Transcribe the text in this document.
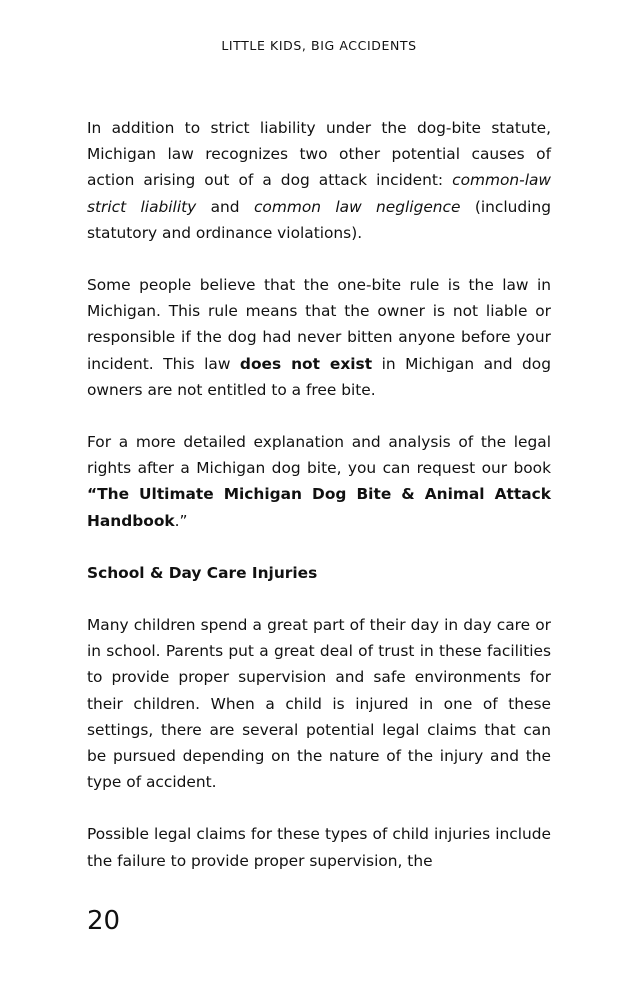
LITTLE KIDS, BIG ACCIDENTS

In addition to strict liability under the dog-bite statute, Michigan law recognizes two other potential causes of action arising out of a dog attack incident: common-law strict liability and common law negligence (including statutory and ordinance violations).

Some people believe that the one-bite rule is the law in Michigan. This rule means that the owner is not liable or responsible if the dog had never bitten anyone before your incident. This law does not exist in Michigan and dog owners are not entitled to a free bite.

For a more detailed explanation and analysis of the legal rights after a Michigan dog bite, you can request our book “The Ultimate Michigan Dog Bite & Animal Attack Handbook.”

School & Day Care Injuries

Many children spend a great part of their day in day care or in school. Parents put a great deal of trust in these facilities to provide proper supervision and safe environments for their children. When a child is injured in one of these settings, there are several potential legal claims that can be pursued depending on the nature of the injury and the type of accident.

Possible legal claims for these types of child injuries include the failure to provide proper supervision, the

20
